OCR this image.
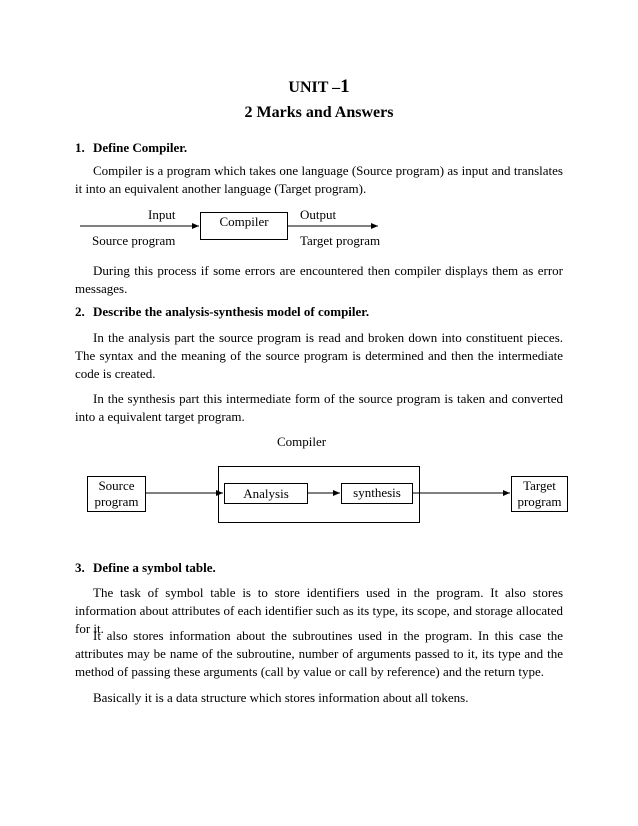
UNIT –1
2 Marks and Answers
1. Define Compiler.
Compiler is a program which takes one language (Source program) as input and translates it into an equivalent another language (Target program).
Input	Compiler	Output
Source program	Target program
During this process if some errors are encountered then compiler displays them as error messages.
2. Describe the analysis-synthesis model of compiler.
In the analysis part the source program is read and broken down into constituent pieces. The syntax and the meaning of the source program is determined and then the intermediate code is created.
In the synthesis part this intermediate form of the source program is taken and converted into a equivalent target program.
Compiler
Source
program
Analysis	synthesis	Target
program
3. Define a symbol table.
The task of symbol table is to store identifiers used in the program. It also stores information about attributes of each identifier such as its type, its scope, and storage allocated for it.
It also stores information about the subroutines used in the program. In this case the attributes may be name of the subroutine, number of arguments passed to it, its type and the method of passing these arguments (call by value or call by reference) and the return type.
Basically it is a data structure which stores information about all tokens.
